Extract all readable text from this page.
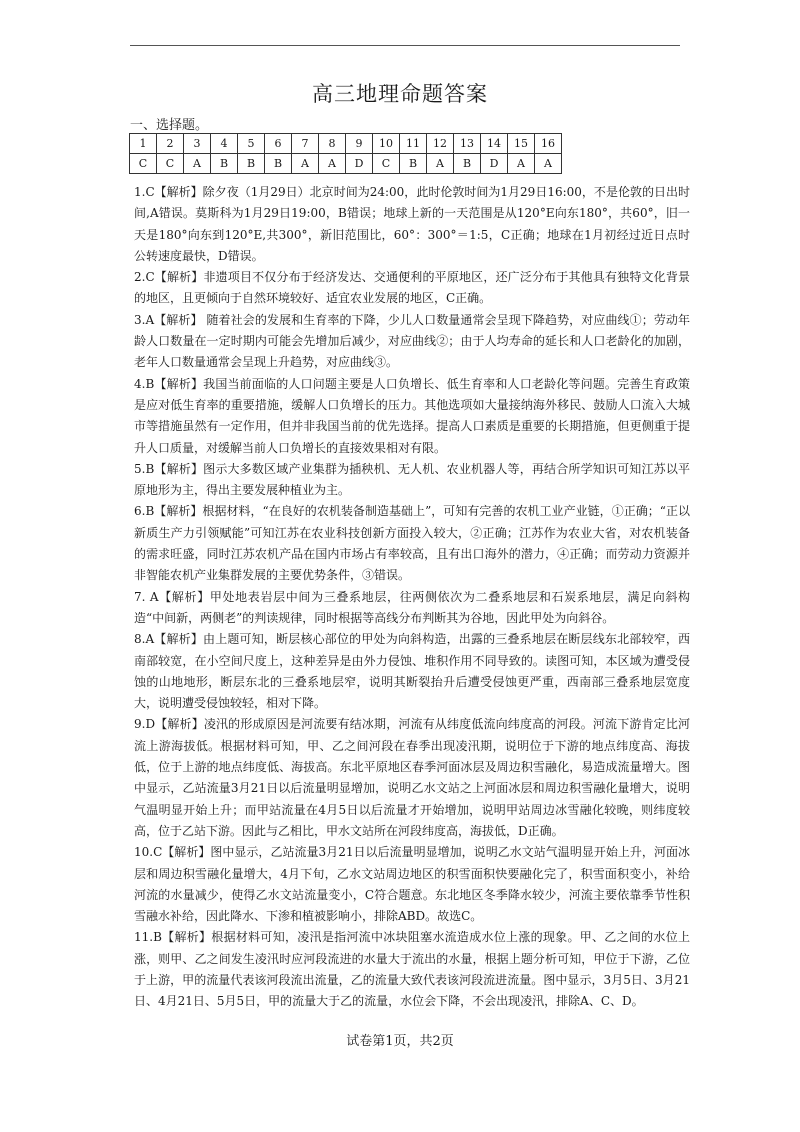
高三地理命题答案
一、选择题。
1	2	3	4	5	6	7	8	9	10	11	12	13	14	15	16
C	C	A	B	B	B	A	A	D	C	B	A	B	D	A	A

1.C【解析】除夕夜（1月29日）北京时间为24:00，此时伦敦时间为1月29日16:00，不是伦敦的日出时间,A错误。莫斯科为1月29日19:00，B错误；地球上新的一天范围是从120°E向东180°，共60°，旧一天是180°向东到120°E,共300°，新旧范围比，60°：300°＝1:5，C正确；地球在1月初经过近日点时公转速度最快，D错误。

2.C【解析】非遗项目不仅分布于经济发达、交通便利的平原地区，还广泛分布于其他具有独特文化背景的地区，且更倾向于自然环境较好、适宜农业发展的地区，C正确。

3.A【解析】 随着社会的发展和生育率的下降，少儿人口数量通常会呈现下降趋势，对应曲线①；劳动年龄人口数量在一定时期内可能会先增加后减少，对应曲线②；由于人均寿命的延长和人口老龄化的加剧，老年人口数量通常会呈现上升趋势，对应曲线③。

4.B【解析】我国当前面临的人口问题主要是人口负增长、低生育率和人口老龄化等问题。完善生育政策是应对低生育率的重要措施，缓解人口负增长的压力。其他选项如大量接纳海外移民、鼓励人口流入大城市等措施虽然有一定作用，但并非我国当前的优先选择。提高人口素质是重要的长期措施，但更侧重于提升人口质量，对缓解当前人口负增长的直接效果相对有限。

5.B【解析】图示大多数区域产业集群为插秧机、无人机、农业机器人等，再结合所学知识可知江苏以平原地形为主，得出主要发展种植业为主。

6.B【解析】根据材料，“在良好的农机装备制造基础上”，可知有完善的农机工业产业链，①正确；“正以新质生产力引领赋能”可知江苏在农业科技创新方面投入较大，②正确；江苏作为农业大省，对农机装备的需求旺盛，同时江苏农机产品在国内市场占有率较高，且有出口海外的潜力，④正确；而劳动力资源并非智能农机产业集群发展的主要优势条件，③错误。

7. A【解析】甲处地表岩层中间为三叠系地层，往两侧依次为二叠系地层和石炭系地层，满足向斜构造“中间新，两侧老”的判读规律，同时根据等高线分布判断其为谷地，因此甲处为向斜谷。

8.A【解析】由上题可知，断层核心部位的甲处为向斜构造，出露的三叠系地层在断层线东北部较窄，西南部较宽，在小空间尺度上，这种差异是由外力侵蚀、堆积作用不同导致的。读图可知，本区域为遭受侵蚀的山地地形，断层东北的三叠系地层窄，说明其断裂抬升后遭受侵蚀更严重，西南部三叠系地层宽度大，说明遭受侵蚀较轻，相对下降。

9.D【解析】凌汛的形成原因是河流要有结冰期，河流有从纬度低流向纬度高的河段。河流下游肯定比河流上游海拔低。根据材料可知，甲、乙之间河段在春季出现凌汛期，说明位于下游的地点纬度高、海拔低，位于上游的地点纬度低、海拔高。东北平原地区春季河面冰层及周边积雪融化，易造成流量增大。图中显示，乙站流量3月21日以后流量明显增加，说明乙水文站之上河面冰层和周边积雪融化量增大，说明气温明显开始上升；而甲站流量在4月5日以后流量才开始增加，说明甲站周边冰雪融化较晚，则纬度较高，位于乙站下游。因此与乙相比，甲水文站所在河段纬度高，海拔低，D正确。

10.C【解析】图中显示，乙站流量3月21日以后流量明显增加，说明乙水文站气温明显开始上升，河面冰层和周边积雪融化量增大，4月下旬，乙水文站周边地区的积雪面积快要融化完了，积雪面积变小，补给河流的水量减少，使得乙水文站流量变小，C符合题意。东北地区冬季降水较少，河流主要依靠季节性积雪融水补给，因此降水、下渗和植被影响小，排除ABD。故选C。

11.B【解析】根据材料可知，凌汛是指河流中冰块阻塞水流造成水位上涨的现象。甲、乙之间的水位上涨，则甲、乙之间发生凌汛时应河段流进的水量大于流出的水量，根据上题分析可知，甲位于下游，乙位于上游，甲的流量代表该河段流出流量，乙的流量大致代表该河段流进流量。图中显示，3月5日、3月21日、4月21日、5月5日，甲的流量大于乙的流量，水位会下降，不会出现凌汛，排除A、C、D。

试卷第1页，共2页
